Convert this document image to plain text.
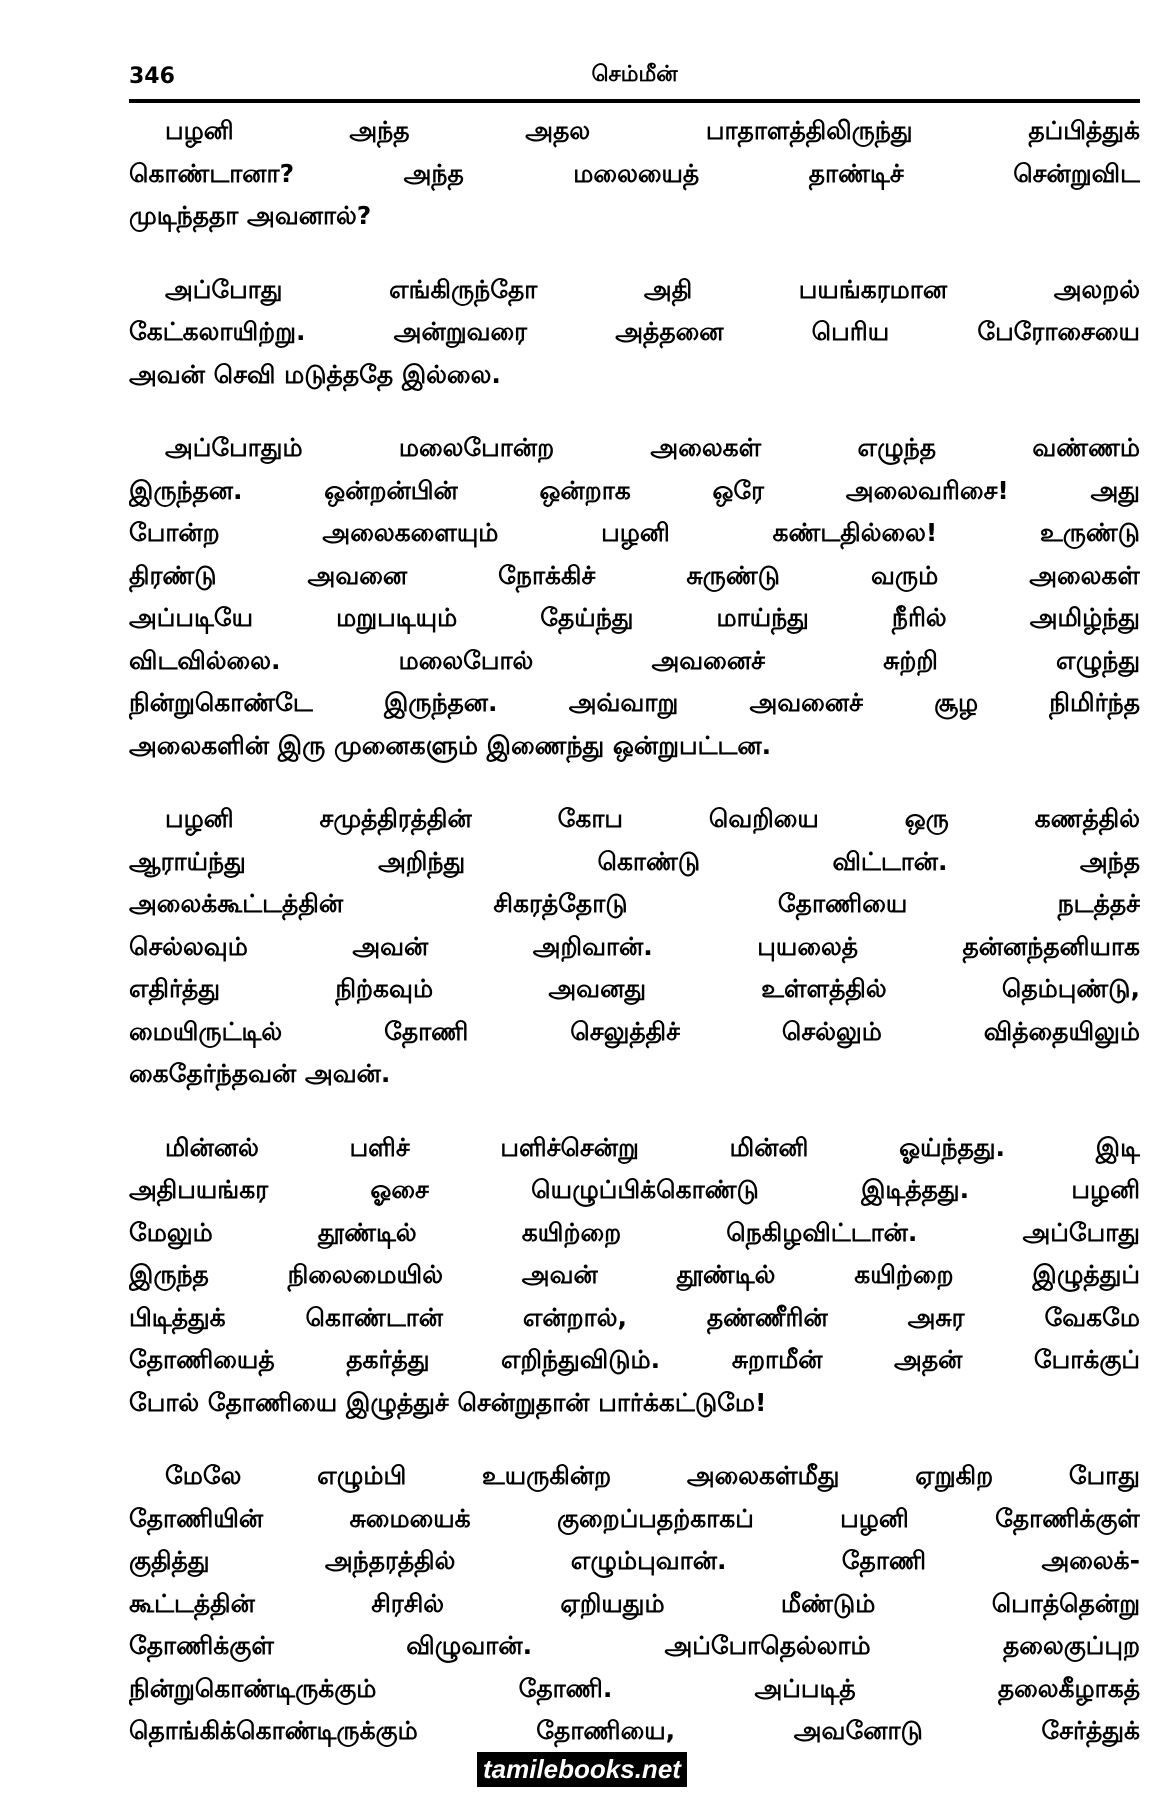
346	செம்மீன்
பழனி அந்த அதல பாதாளத்திலிருந்து தப்பித்துக்
கொண்டானா? அந்த மலையைத் தாண்டிச் சென்றுவிட
முடிந்ததா அவனால்?
அப்போது எங்கிருந்தோ அதி பயங்கரமான அலறல்
கேட்கலாயிற்று. அன்றுவரை அத்தனை பெரிய பேரோசையை
அவன் செவி மடுத்ததே இல்லை.
அப்போதும் மலைபோன்ற அலைகள் எழுந்த வண்ணம்
இருந்தன. ஒன்றன்பின் ஒன்றாக ஒரே அலைவரிசை! அது
போன்ற அலைகளையும் பழனி கண்டதில்லை! உருண்டு
திரண்டு அவனை நோக்கிச் சுருண்டு வரும் அலைகள்
அப்படியே மறுபடியும் தேய்ந்து மாய்ந்து நீரில் அமிழ்ந்து
விடவில்லை. மலைபோல் அவனைச் சுற்றி எழுந்து
நின்றுகொண்டே இருந்தன. அவ்வாறு அவனைச் சூழ நிமிர்ந்த
அலைகளின் இரு முனைகளும் இணைந்து ஒன்றுபட்டன.
பழனி சமுத்திரத்தின் கோப வெறியை ஒரு கணத்தில்
ஆராய்ந்து அறிந்து கொண்டு விட்டான். அந்த
அலைக்கூட்டத்தின் சிகரத்தோடு தோணியை நடத்தச்
செல்லவும் அவன் அறிவான். புயலைத் தன்னந்தனியாக
எதிர்த்து நிற்கவும் அவனது உள்ளத்தில் தெம்புண்டு,
மையிருட்டில் தோணி செலுத்திச் செல்லும் வித்தையிலும்
கைதேர்ந்தவன் அவன்.
மின்னல் பளிச் பளிச்சென்று மின்னி ஓய்ந்தது. இடி
அதிபயங்கர ஓசை யெழுப்பிக்கொண்டு இடித்தது. பழனி
மேலும் தூண்டில் கயிற்றை நெகிழவிட்டான். அப்போது
இருந்த நிலைமையில் அவன் தூண்டில் கயிற்றை இழுத்துப்
பிடித்துக் கொண்டான் என்றால், தண்ணீரின் அசுர வேகமே
தோணியைத் தகர்த்து எறிந்துவிடும். சுறாமீன் அதன் போக்குப்
போல் தோணியை இழுத்துச் சென்றுதான் பார்க்கட்டுமே!
மேலே எழும்பி உயருகின்ற அலைகள்மீது ஏறுகிற போது
தோணியின் சுமையைக் குறைப்பதற்காகப் பழனி தோணிக்குள்
குதித்து அந்தரத்தில் எழும்புவான். தோணி அலைக்-
கூட்டத்தின் சிரசில் ஏறியதும் மீண்டும் பொத்தென்று
தோணிக்குள் விழுவான். அப்போதெல்லாம் தலைகுப்புற
நின்றுகொண்டிருக்கும் தோணி. அப்படித் தலைகீழாகத்
தொங்கிக்கொண்டிருக்கும் தோணியை, அவனோடு சேர்த்துக்
tamilebooks.net
